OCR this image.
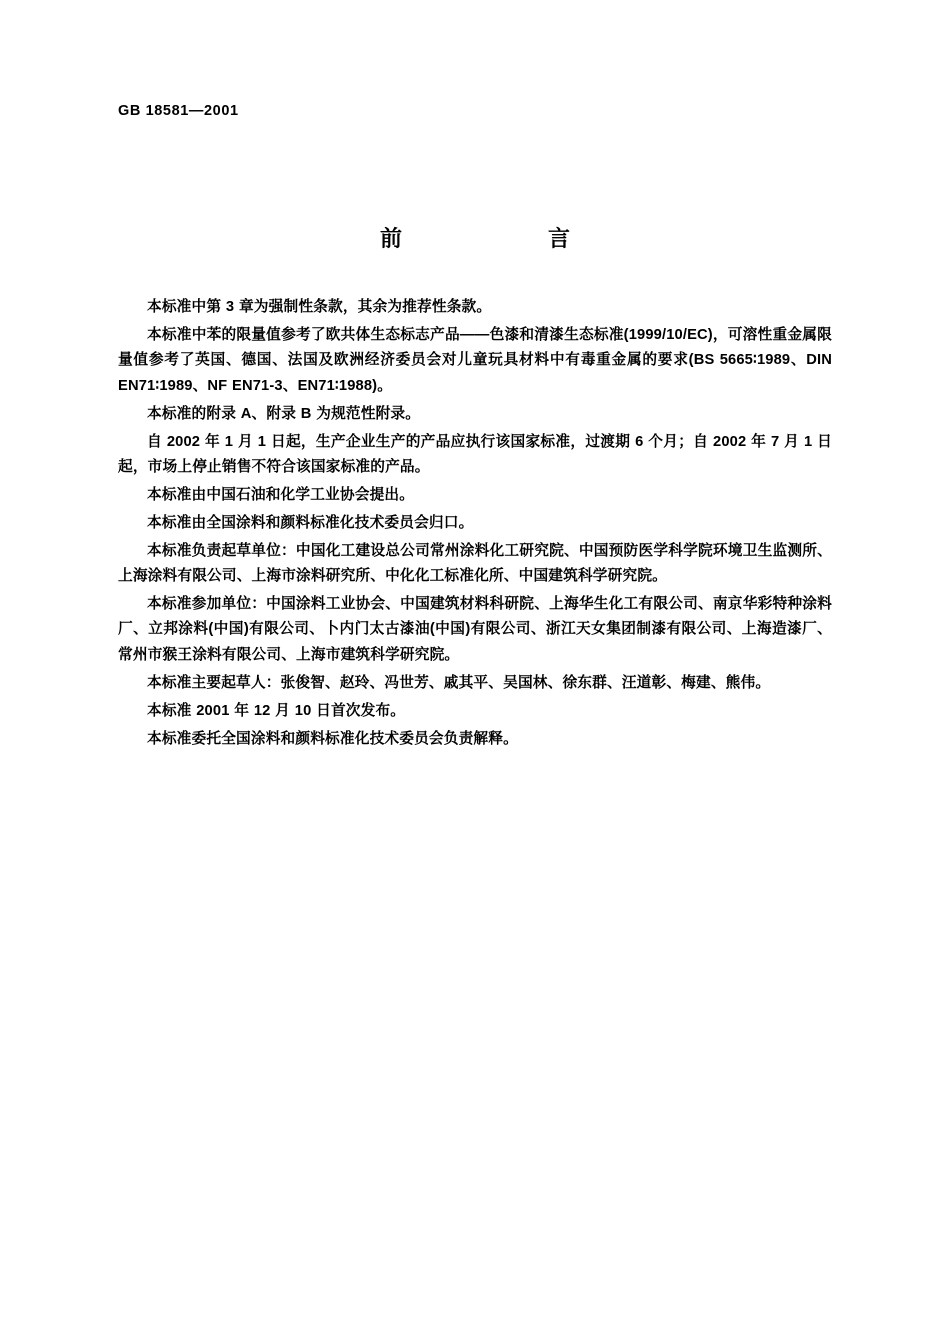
GB 18581—2001
前　　言

本标准中第 3 章为强制性条款，其余为推荐性条款。

本标准中苯的限量值参考了欧共体生态标志产品——色漆和清漆生态标准(1999/10/EC)，可溶性重金属限量值参考了英国、德国、法国及欧洲经济委员会对儿童玩具材料中有毒重金属的要求(BS 5665∶1989、DIN EN71∶1989、NF EN71-3、EN71∶1988)。

本标准的附录 A、附录 B 为规范性附录。

自 2002 年 1 月 1 日起，生产企业生产的产品应执行该国家标准，过渡期 6 个月；自 2002 年 7 月 1 日起，市场上停止销售不符合该国家标准的产品。

本标准由中国石油和化学工业协会提出。

本标准由全国涂料和颜料标准化技术委员会归口。

本标准负责起草单位：中国化工建设总公司常州涂料化工研究院、中国预防医学科学院环境卫生监测所、上海涂料有限公司、上海市涂料研究所、中化化工标准化所、中国建筑科学研究院。

本标准参加单位：中国涂料工业协会、中国建筑材料科研院、上海华生化工有限公司、南京华彩特种涂料厂、立邦涂料(中国)有限公司、卜内门太古漆油(中国)有限公司、浙江天女集团制漆有限公司、上海造漆厂、常州市猴王涂料有限公司、上海市建筑科学研究院。

本标准主要起草人：张俊智、赵玲、冯世芳、戚其平、吴国林、徐东群、汪道彰、梅建、熊伟。

本标准 2001 年 12 月 10 日首次发布。

本标准委托全国涂料和颜料标准化技术委员会负责解释。
